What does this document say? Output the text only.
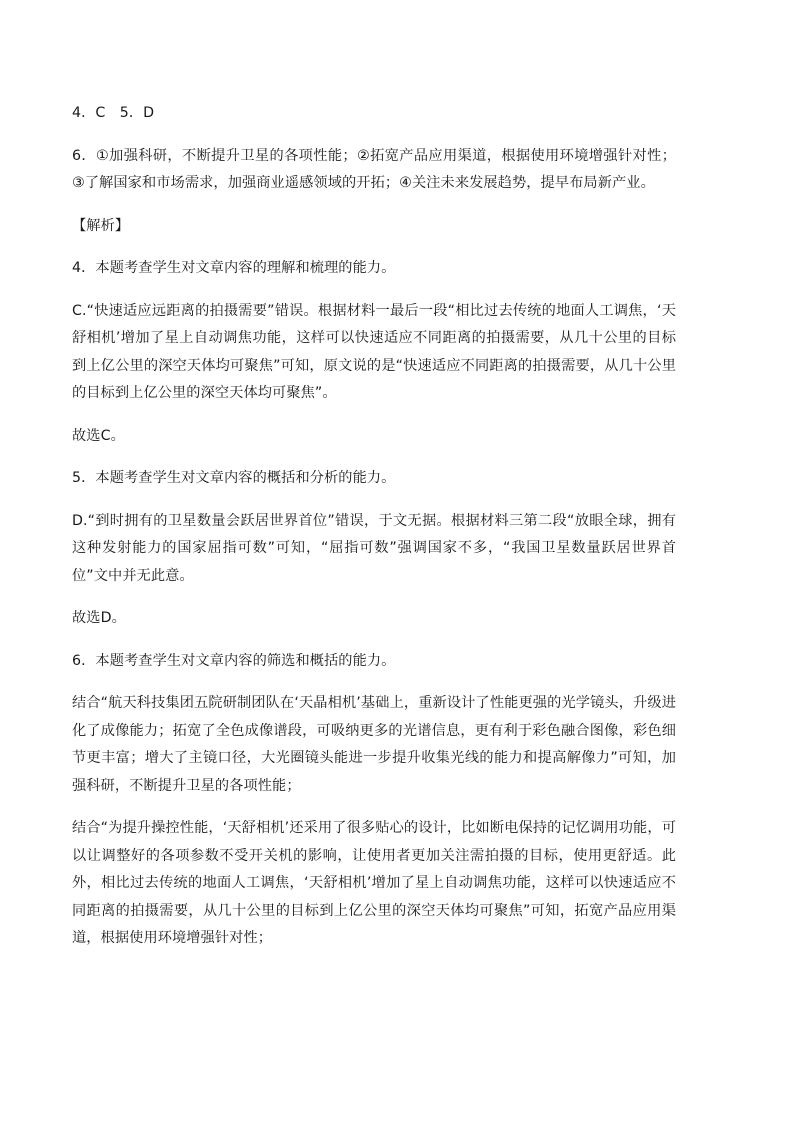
4．C　5．D

6．①加强科研，不断提升卫星的各项性能；②拓宽产品应用渠道，根据使用环境增强针对性；③了解国家和市场需求，加强商业遥感领域的开拓；④关注未来发展趋势，提早布局新产业。

【解析】

4．本题考查学生对文章内容的理解和梳理的能力。

C.“快速适应远距离的拍摄需要”错误。根据材料一最后一段“相比过去传统的地面人工调焦，‘天舒相机’增加了星上自动调焦功能，这样可以快速适应不同距离的拍摄需要，从几十公里的目标到上亿公里的深空天体均可聚焦”可知，原文说的是“快速适应不同距离的拍摄需要，从几十公里的目标到上亿公里的深空天体均可聚焦”。

故选C。

5．本题考查学生对文章内容的概括和分析的能力。

D.“到时拥有的卫星数量会跃居世界首位”错误，于文无据。根据材料三第二段“放眼全球，拥有这种发射能力的国家屈指可数”可知，“屈指可数”强调国家不多，“我国卫星数量跃居世界首位”文中并无此意。

故选D。

6．本题考查学生对文章内容的筛选和概括的能力。

结合“航天科技集团五院研制团队在‘天晶相机’基础上，重新设计了性能更强的光学镜头，升级进化了成像能力；拓宽了全色成像谱段，可吸纳更多的光谱信息，更有利于彩色融合图像，彩色细节更丰富；增大了主镜口径，大光圈镜头能进一步提升收集光线的能力和提高解像力”可知，加强科研，不断提升卫星的各项性能；

结合“为提升操控性能，‘天舒相机’还采用了很多贴心的设计，比如断电保持的记忆调用功能，可以让调整好的各项参数不受开关机的影响，让使用者更加关注需拍摄的目标，使用更舒适。此外，相比过去传统的地面人工调焦，‘天舒相机’增加了星上自动调焦功能，这样可以快速适应不同距离的拍摄需要，从几十公里的目标到上亿公里的深空天体均可聚焦”可知，拓宽产品应用渠道，根据使用环境增强针对性；
